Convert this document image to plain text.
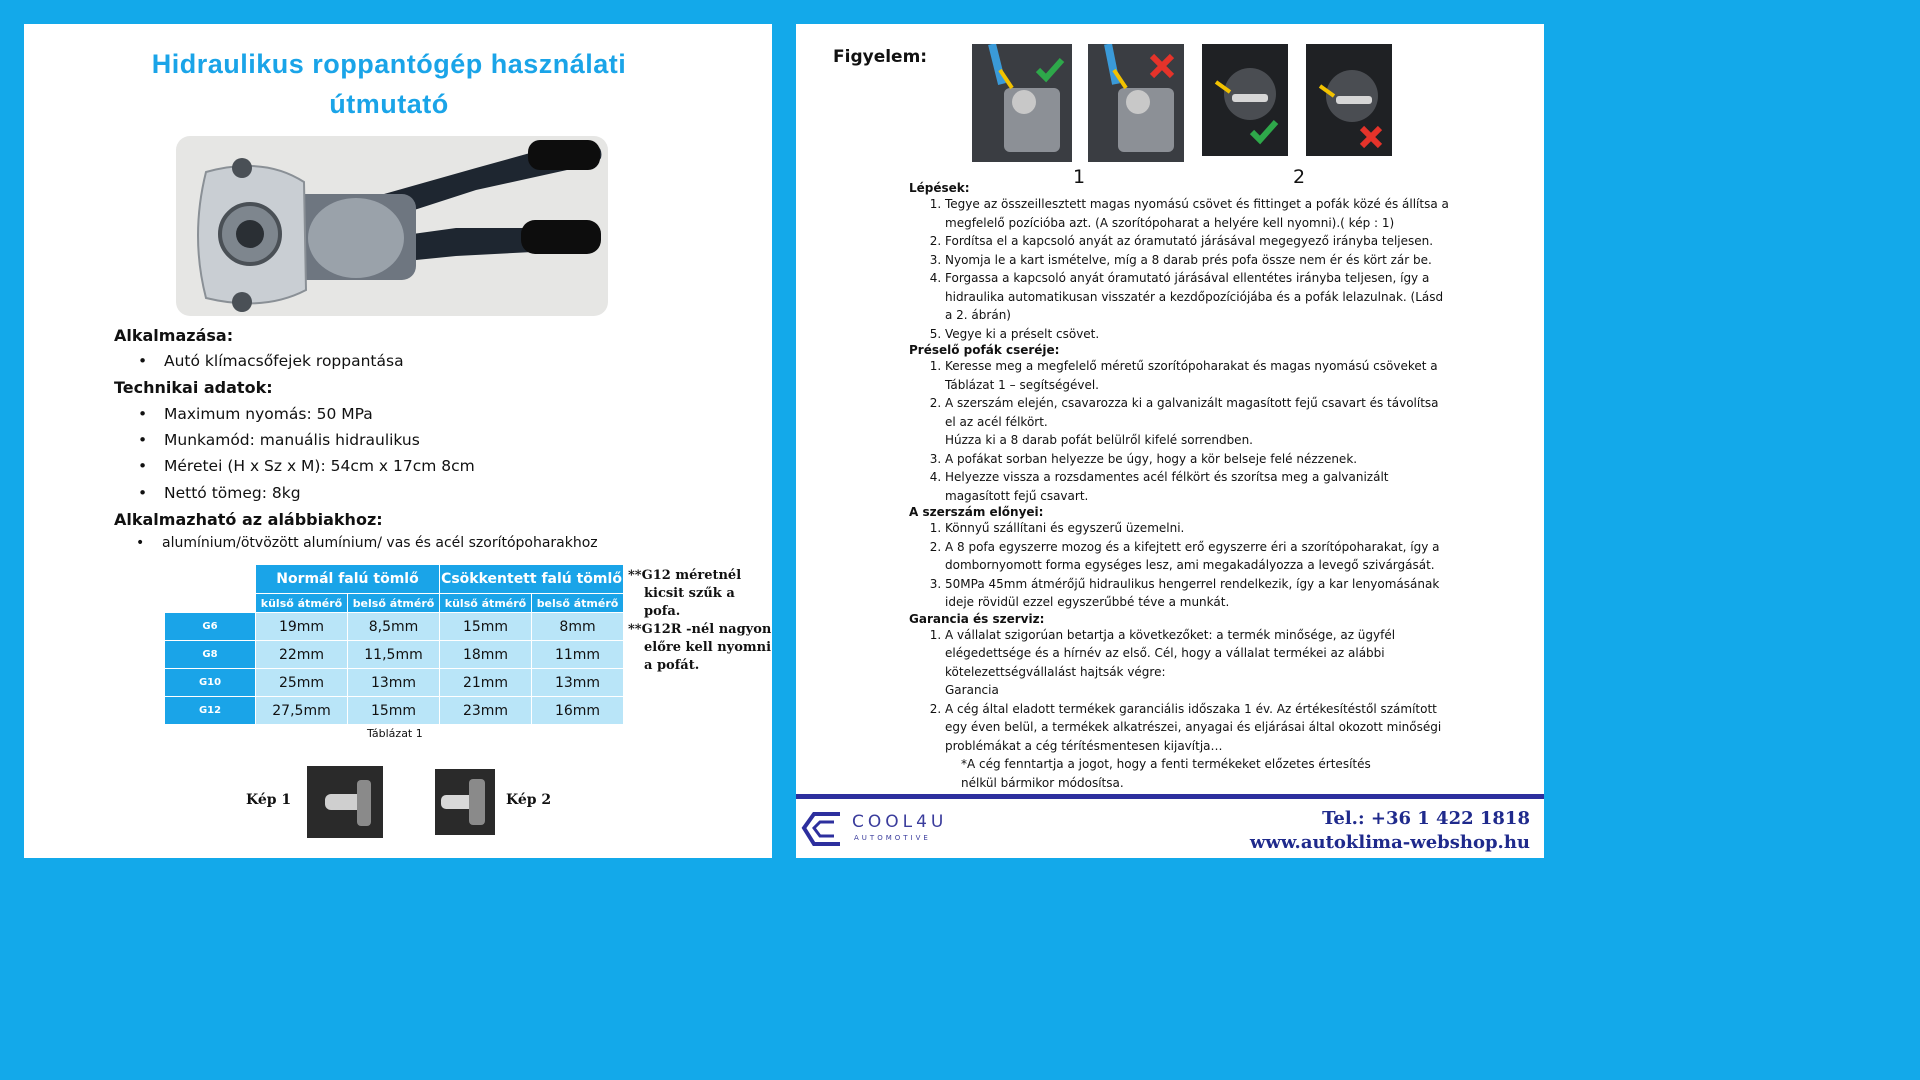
Hidraulikus roppantógép használati
útmutató
Alkalmazása:
• Autó klímacsőfejek roppantása
Technikai adatok:
• Maximum nyomás: 50 MPa
• Munkamód: manuális hidraulikus
• Méretei (H x Sz x M): 54cm x 17cm 8cm
• Nettó tömeg: 8kg
Alkalmazható az alábbiakhoz:
• alumínium/ötvözött alumínium/ vas és acél szorítópoharakhoz
	Normál falú tömlő		Csökkentett falú tömlő	
	külső átmérő	belső átmérő	külső átmérő	belső átmérő
G6	19mm	8,5mm	15mm	8mm
G8	22mm	11,5mm	18mm	11mm
G10	25mm	13mm	21mm	13mm
G12	27,5mm	15mm	23mm	16mm
Táblázat 1
**G12 méretnél
kicsit szűk a pofa.
**G12R -nél nagyon
előre kell nyomni
a pofát.
Kép 1	Kép 2
Figyelem:
1	2
Lépések:
1. Tegye az összeillesztett magas nyomású csövet és fittinget a pofák közé és állítsa a megfelelő pozícióba azt. (A szorítópoharat a helyére kell nyomni).( kép : 1)
2. Fordítsa el a kapcsoló anyát az óramutató járásával megegyező irányba teljesen.
3. Nyomja le a kart ismételve, míg a 8 darab prés pofa össze nem ér és kört zár be.
4. Forgassa a kapcsoló anyát óramutató járásával ellentétes irányba teljesen, így a hidraulika automatikusan visszatér a kezdőpozíciójába és a pofák lelazulnak. (Lásd a 2. ábrán)
5. Vegye ki a préselt csövet.
Préselő pofák cseréje:
1. Keresse meg a megfelelő méretű szorítópoharakat és magas nyomású csöveket a Táblázat 1 – segítségével.
2. A szerszám elején, csavarozza ki a galvanizált magasított fejű csavart és távolítsa el az acél félkört.
Húzza ki a 8 darab pofát belülről kifelé sorrendben.
3. A pofákat sorban helyezze be úgy, hogy a kör belseje felé nézzenek.
4. Helyezze vissza a rozsdamentes acél félkört és szorítsa meg a galvanizált magasított fejű csavart.
A szerszám előnyei:
1. Könnyű szállítani és egyszerű üzemelni.
2. A 8 pofa egyszerre mozog és a kifejtett erő egyszerre éri a szorítópoharakat, így a dombornyomott forma egységes lesz, ami megakadályozza a levegő szivárgását.
3. 50MPa 45mm átmérőjű hidraulikus hengerrel rendelkezik, így a kar lenyomásának ideje rövidül ezzel egyszerűbbé téve a munkát.
Garancia és szerviz:
1. A vállalat szigorúan betartja a következőket: a termék minősége, az ügyfél elégedettsége és a hírnév az első. Cél, hogy a vállalat termékei az alábbi kötelezettségvállalást hajtsák végre:
Garancia
2. A cég által eladott termékek garanciális időszaka 1 év. Az értékesítéstől számított egy éven belül, a termékek alkatrészei, anyagai és eljárásai által okozott minőségi problémákat a cég térítésmentesen kijavítja…
*A cég fenntartja a jogot, hogy a fenti termékeket előzetes értesítés nélkül bármikor módosítsa.
COOL4U
AUTOMOTIVE
Tel.: +36 1 422 1818
www.autoklima-webshop.hu
